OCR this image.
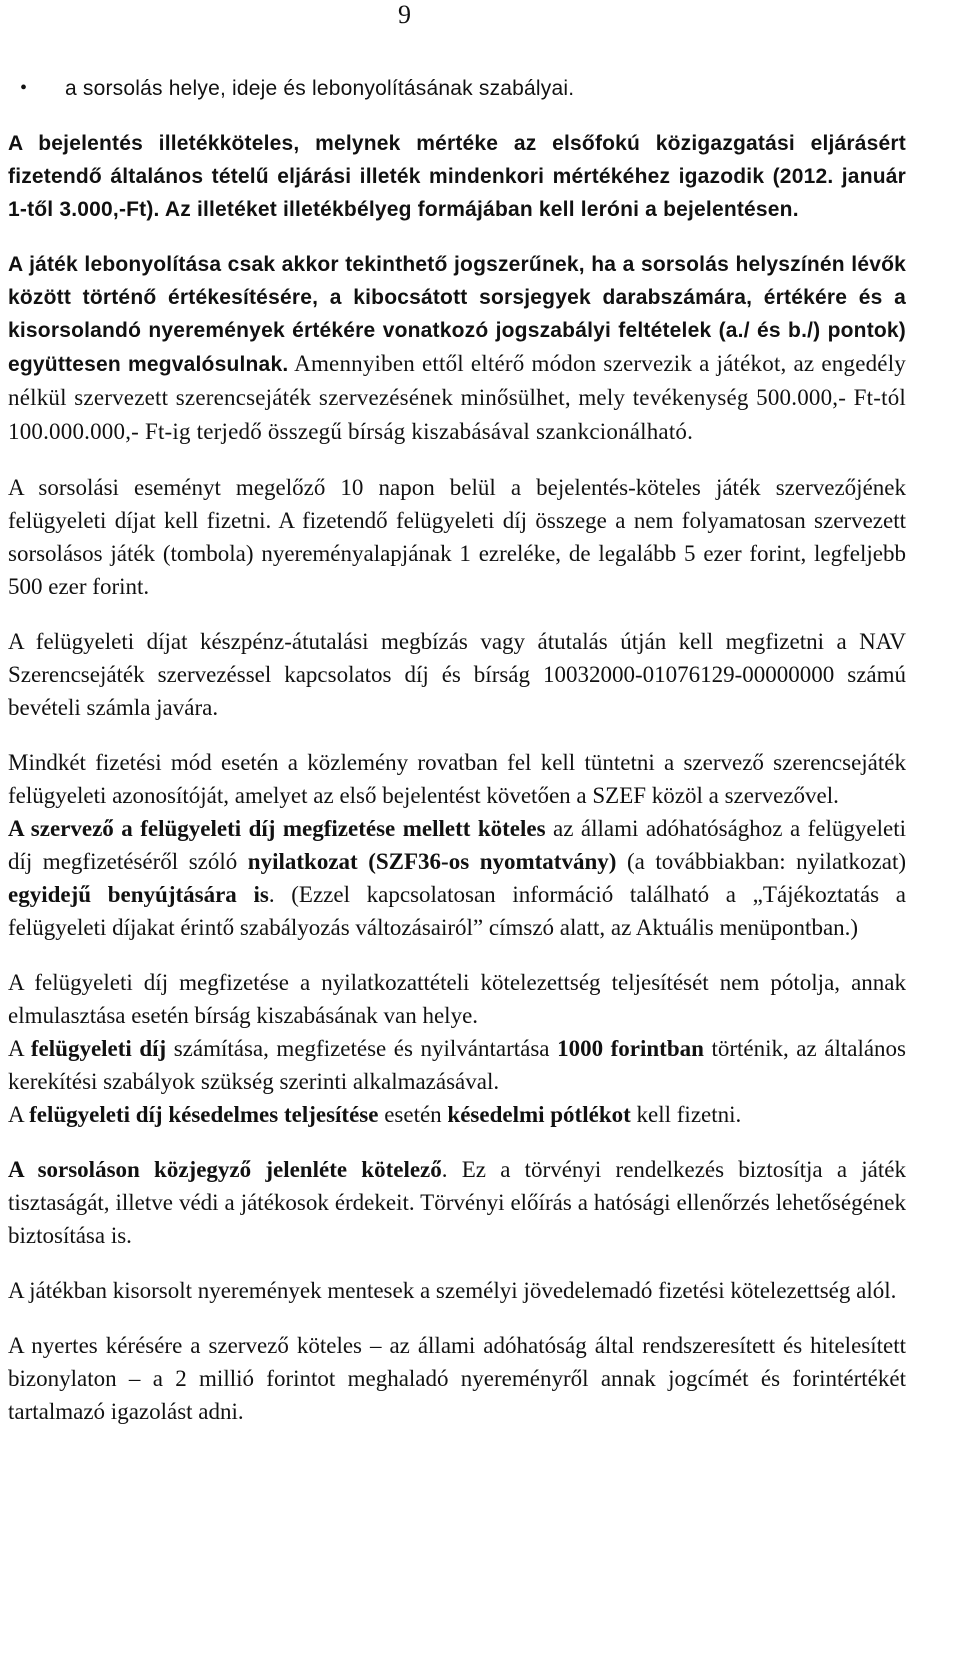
9
•	a sorsolás helye, ideje és lebonyolításának szabályai.

A bejelentés illetékköteles, melynek mértéke az elsőfokú közigazgatási eljárásért fizetendő általános tételű eljárási illeték mindenkori mértékéhez igazodik (2012. január 1-től 3.000,-Ft). Az illetéket illetékbélyeg formájában kell leróni a bejelentésen.

A játék lebonyolítása csak akkor tekinthető jogszerűnek, ha a sorsolás helyszínén lévők között történő értékesítésére, a kibocsátott sorsjegyek darabszámára, értékére és a kisorsolandó nyeremények értékére vonatkozó jogszabályi feltételek (a./ és b./) pontok) együttesen megvalósulnak. Amennyiben ettől eltérő módon szervezik a játékot, az engedély nélkül szervezett szerencsejáték szervezésének minősülhet, mely tevékenység 500.000,- Ft-tól 100.000.000,- Ft-ig terjedő összegű bírság kiszabásával szankcionálható.

A sorsolási eseményt megelőző 10 napon belül a bejelentés-köteles játék szervezőjének felügyeleti díjat kell fizetni. A fizetendő felügyeleti díj összege a nem folyamatosan szervezett sorsolásos játék (tombola) nyereményalapjának 1 ezreléke, de legalább 5 ezer forint, legfeljebb 500 ezer forint.

A felügyeleti díjat készpénz-átutalási megbízás vagy átutalás útján kell megfizetni a NAV Szerencsejáték szervezéssel kapcsolatos díj és bírság 10032000-01076129-00000000 számú bevételi számla javára.

Mindkét fizetési mód esetén a közlemény rovatban fel kell tüntetni a szervező szerencsejáték felügyeleti azonosítóját, amelyet az első bejelentést követően a SZEF közöl a szervezővel.

A szervező a felügyeleti díj megfizetése mellett köteles az állami adóhatósághoz a felügyeleti díj megfizetéséről szóló nyilatkozat (SZF36-os nyomtatvány) (a továbbiakban: nyilatkozat) egyidejű benyújtására is. (Ezzel kapcsolatosan információ található a „Tájékoztatás a felügyeleti díjakat érintő szabályozás változásairól” címszó alatt, az Aktuális menüpontban.)

A felügyeleti díj megfizetése a nyilatkozattételi kötelezettség teljesítését nem pótolja, annak elmulasztása esetén bírság kiszabásának van helye.

A felügyeleti díj számítása, megfizetése és nyilvántartása 1000 forintban történik, az általános kerekítési szabályok szükség szerinti alkalmazásával.

A felügyeleti díj késedelmes teljesítése esetén késedelmi pótlékot kell fizetni.

A sorsoláson közjegyző jelenléte kötelező. Ez a törvényi rendelkezés biztosítja a játék tisztaságát, illetve védi a játékosok érdekeit. Törvényi előírás a hatósági ellenőrzés lehetőségének biztosítása is.

A játékban kisorsolt nyeremények mentesek a személyi jövedelemadó fizetési kötelezettség alól.

A nyertes kérésére a szervező köteles – az állami adóhatóság által rendszeresített és hitelesített bizonylaton – a 2 millió forintot meghaladó nyereményről annak jogcímét és forintértékét tartalmazó igazolást adni.
